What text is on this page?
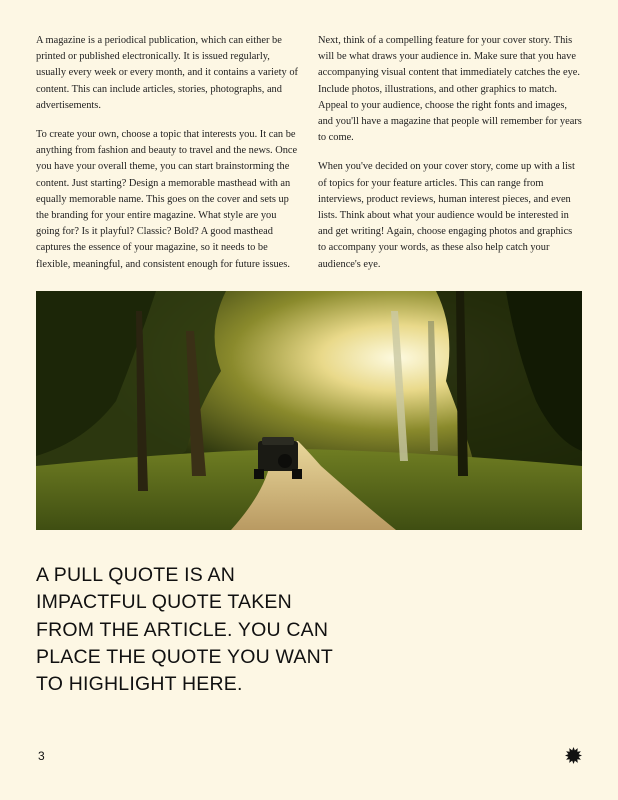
A magazine is a periodical publication, which can either be printed or published electronically. It is issued regularly, usually every week or every month, and it contains a variety of content. This can include articles, stories, photographs, and advertisements.

To create your own, choose a topic that interests you. It can be anything from fashion and beauty to travel and the news. Once you have your overall theme, you can start brainstorming the content. Just starting? Design a memorable masthead with an equally memorable name. This goes on the cover and sets up the branding for your entire magazine. What style are you going for? Is it playful? Classic? Bold? A good masthead captures the essence of your magazine, so it needs to be flexible, meaningful, and consistent enough for future issues.

Next, think of a compelling feature for your cover story. This will be what draws your audience in. Make sure that you have accompanying visual content that immediately catches the eye. Include photos, illustrations, and other graphics to match. Appeal to your audience, choose the right fonts and images, and you'll have a magazine that people will remember for years to come.

When you've decided on your cover story, come up with a list of topics for your feature articles. This can range from interviews, product reviews, human interest pieces, and even lists. Think about what your audience would be interested in and get writing! Again, choose engaging photos and graphics to accompany your words, as these also help catch your audience's eye.

A PULL QUOTE IS AN IMPACTFUL QUOTE TAKEN FROM THE ARTICLE. YOU CAN PLACE THE QUOTE YOU WANT TO HIGHLIGHT HERE.
3
